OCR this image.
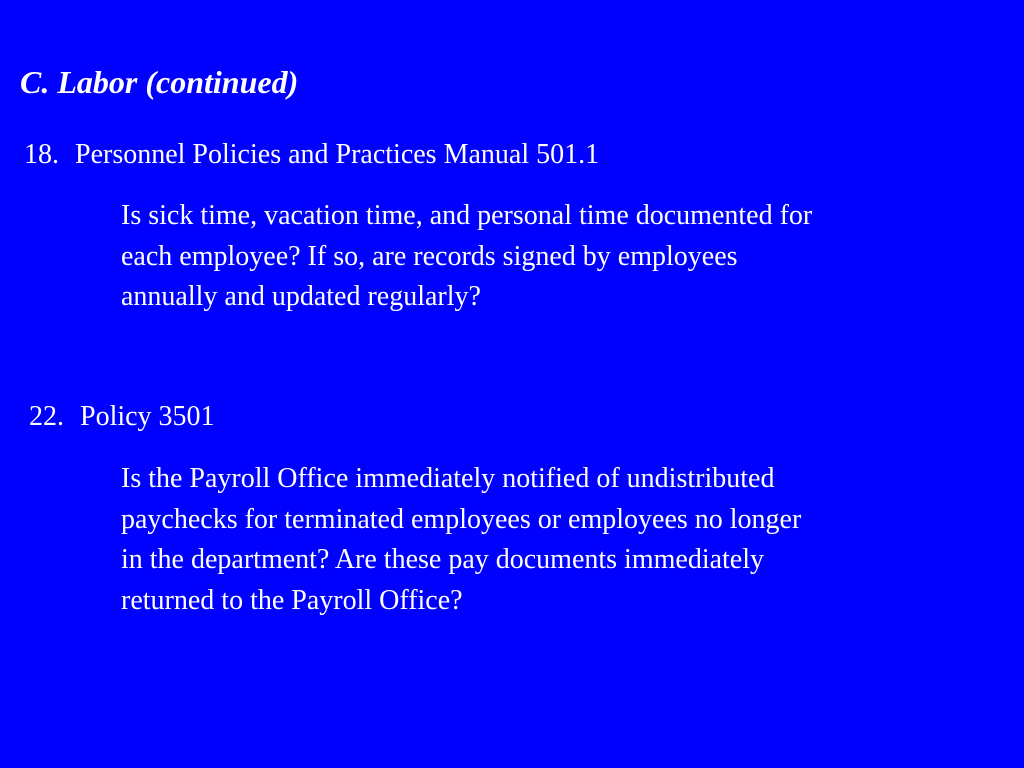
C. Labor (continued)
18. Personnel Policies and Practices Manual 501.1
Is sick time, vacation time, and personal time documented for
each employee? If so, are records signed by employees
annually and updated regularly?
22. Policy 3501
Is the Payroll Office immediately notified of undistributed
paychecks for terminated employees or employees no longer
in the department? Are these pay documents immediately
returned to the Payroll Office?
